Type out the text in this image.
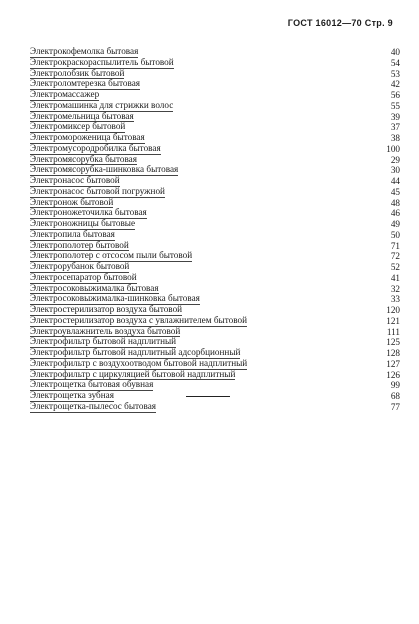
ГОСТ 16012—70 Стр. 9
Электрокофемолка бытовая	40
Электрокраскораспылитель бытовой	54
Электролобзик бытовой	53
Электроломтерезка бытовая	42
Электромассажер	56
Электромашинка для стрижки волос	55
Электромельница бытовая	39
Электромиксер бытовой	37
Электромороженица бытовая	38
Электромусородробилка бытовая	100
Электромясорубка бытовая	29
Электромясорубка-шинковка бытовая	30
Электронасос бытовой	44
Электронасос бытовой погружной	45
Электронож бытовой	48
Электроножеточилка бытовая	46
Электроножницы бытовые	49
Электропила бытовая	50
Электрополотер бытовой	71
Электрополотер с отсосом пыли бытовой	72
Электрорубанок бытовой	52
Электросепаратор бытовой	41
Электросоковыжималка бытовая	32
Электросоковыжималка-шинковка бытовая	33
Электростерилизатор воздуха бытовой	120
Электростерилизатор воздуха с увлажнителем бытовой	121
Электроувлажнитель воздуха бытовой	111
Электрофильтр бытовой надплитный	125
Электрофильтр бытовой надплитный адсорбционный	128
Электрофильтр с воздухоотводом бытовой надплитный	127
Электрофильтр с циркуляцией бытовой надплитный	126
Электрощетка бытовая обувная	99
Электрощетка зубная	68
Электрощетка-пылесос бытовая	77
